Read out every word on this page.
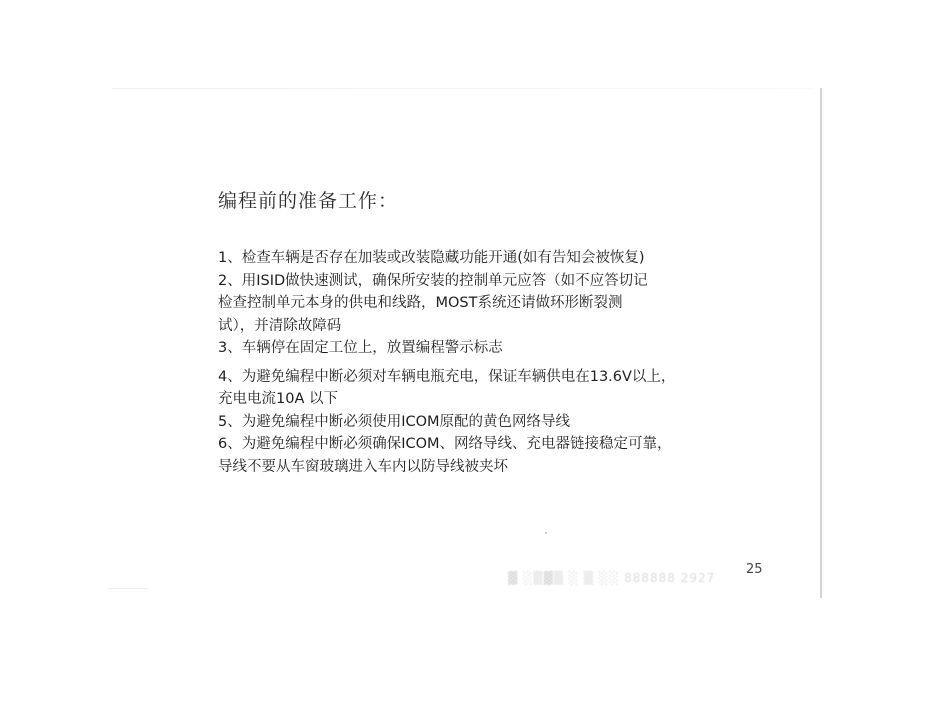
编程前的准备工作：

1、检查车辆是否存在加装或改装隐藏功能开通(如有告知会被恢复)

2、用ISID做快速测试，确保所安装的控制单元应答（如不应答切记

检查控制单元本身的供电和线路，MOST系统还请做环形断裂测

试），并清除故障码

3、车辆停在固定工位上，放置编程警示标志

4、为避免编程中断必须对车辆电瓶充电，保证车辆供电在13.6V以上，

充电电流10A 以下

5、为避免编程中断必须使用ICOM原配的黄色网络导线

6、为避免编程中断必须确保ICOM、网络导线、充电器链接稳定可靠，

导线不要从车窗玻璃进入车内以防导线被夹坏

25
▓ ░▒▓▒ ░ ▒ ░░ 888888 2927
